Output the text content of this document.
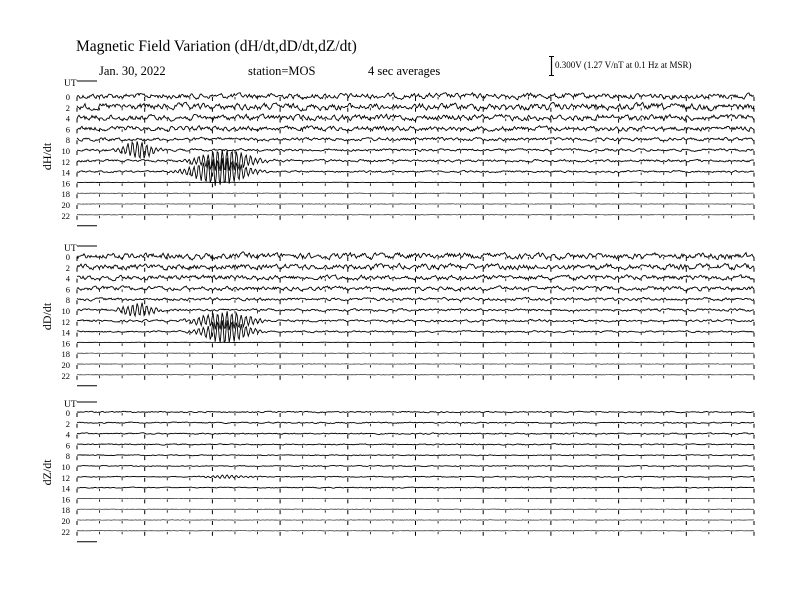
Magnetic Field Variation (dH/dt,dD/dt,dZ/dt)
Jan. 30, 2022	station=MOS	4 sec averages	0.300V (1.27 V/nT at 0.1 Hz at MSR)
UT
dH/dt
0
2
4
6
8
10
12
14
16
18
20
22
UT
dD/dt
0
2
4
6
8
10
12
14
16
18
20
22
UT
dZ/dt
0
2
4
6
8
10
12
14
16
18
20
22
